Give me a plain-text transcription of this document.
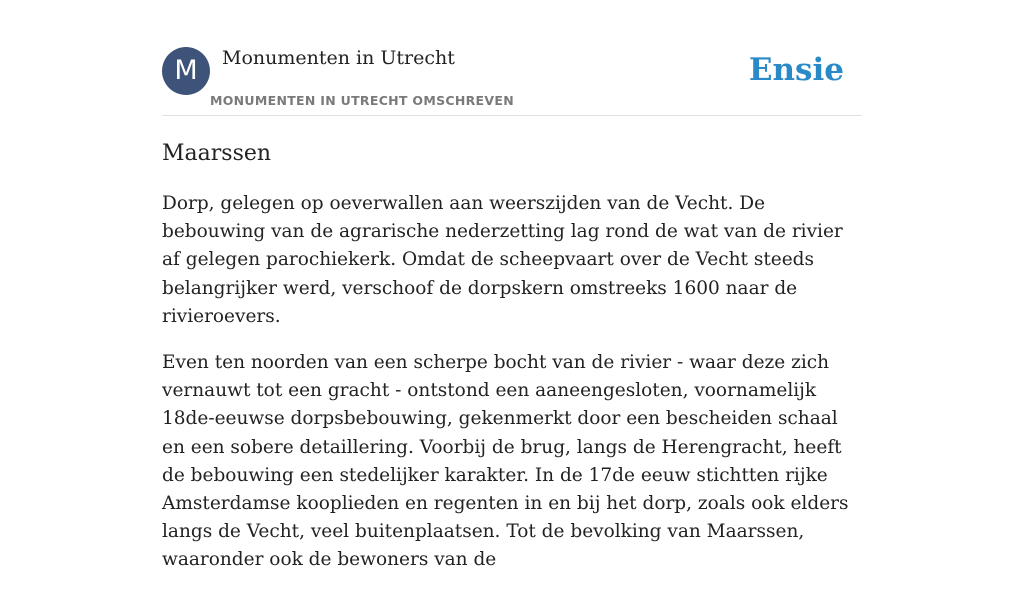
M	Monumenten in Utrecht
MONUMENTEN IN UTRECHT OMSCHREVEN
Ensie
Maarssen

Dorp, gelegen op oeverwallen aan weerszijden van de Vecht. De bebouwing van de agrarische nederzetting lag rond de wat van de rivier af gelegen parochiekerk. Omdat de scheepvaart over de Vecht steeds belangrijker werd, verschoof de dorpskern omstreeks 1600 naar de rivieroevers.

Even ten noorden van een scherpe bocht van de rivier - waar deze zich vernauwt tot een gracht - ontstond een aaneengesloten, voornamelijk 18de-eeuwse dorpsbebouwing, gekenmerkt door een bescheiden schaal en een sobere detaillering. Voorbij de brug, langs de Herengracht, heeft de bebouwing een stedelijker karakter. In de 17de eeuw stichtten rijke Amsterdamse kooplieden en regenten in en bij het dorp, zoals ook elders langs de Vecht, veel buitenplaatsen. Tot de bevolking van Maarssen, waaronder ook de bewoners van de
